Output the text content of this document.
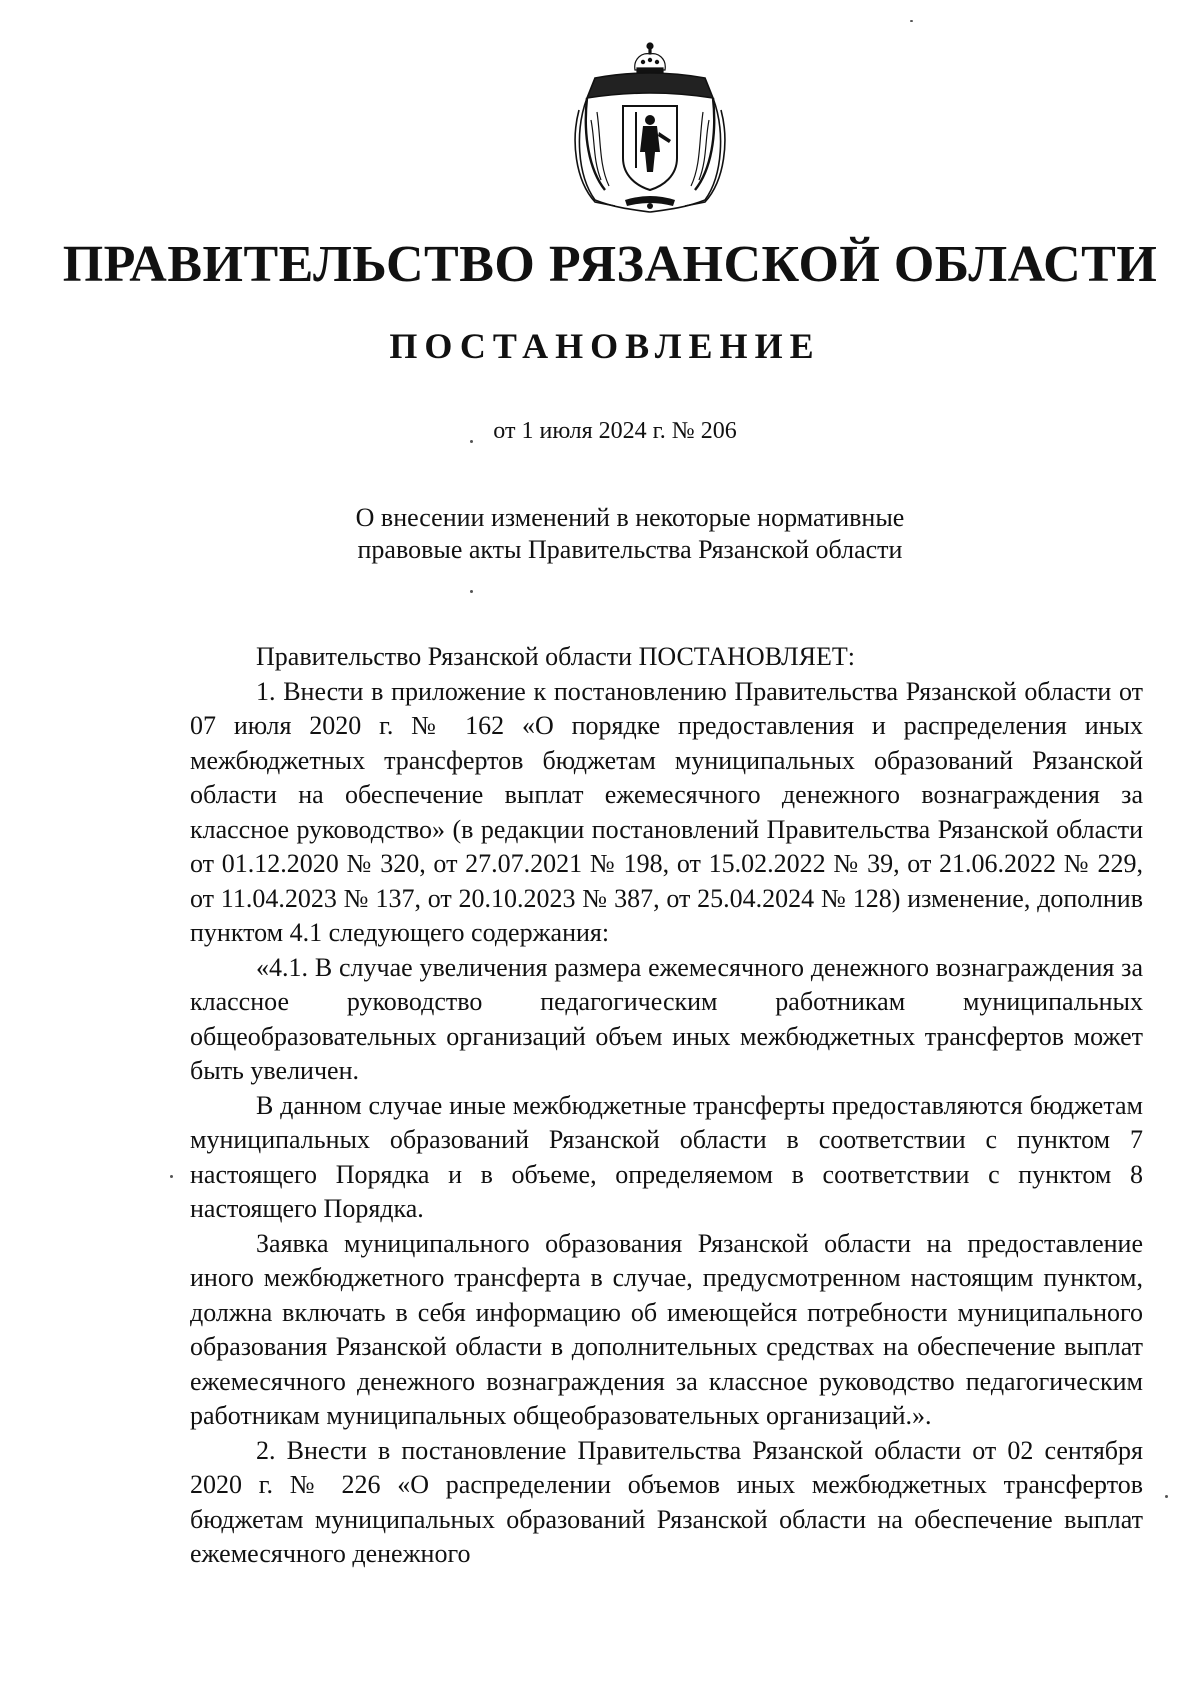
ПРАВИТЕЛЬСТВО РЯЗАНСКОЙ ОБЛАСТИ
ПОСТАНОВЛЕНИЕ
от 1 июля 2024 г. № 206
О внесении изменений в некоторые нормативные
правовые акты Правительства Рязанской области

Правительство Рязанской области ПОСТАНОВЛЯЕТ:

1. Внести в приложение к постановлению Правительства Рязанской области от 07 июля 2020 г. № 162 «О порядке предоставления и распределения иных межбюджетных трансфертов бюджетам муниципальных образований Рязанской области на обеспечение выплат ежемесячного денежного вознаграждения за классное руководство» (в редакции постановлений Правительства Рязанской области от 01.12.2020 № 320, от 27.07.2021 № 198, от 15.02.2022 № 39, от 21.06.2022 № 229, от 11.04.2023 № 137, от 20.10.2023 № 387, от 25.04.2024 № 128) изменение, дополнив пунктом 4.1 следующего содержания:

«4.1. В случае увеличения размера ежемесячного денежного вознаграждения за классное руководство педагогическим работникам муниципальных общеобразовательных организаций объем иных межбюджетных трансфертов может быть увеличен.

В данном случае иные межбюджетные трансферты предоставляются бюджетам муниципальных образований Рязанской области в соответствии с пунктом 7 настоящего Порядка и в объеме, определяемом в соответствии с пунктом 8 настоящего Порядка.

Заявка муниципального образования Рязанской области на предоставление иного межбюджетного трансферта в случае, предусмотренном настоящим пунктом, должна включать в себя информацию об имеющейся потребности муниципального образования Рязанской области в дополнительных средствах на обеспечение выплат ежемесячного денежного вознаграждения за классное руководство педагогическим работникам муниципальных общеобразовательных организаций.».

2. Внести в постановление Правительства Рязанской области от 02 сентября 2020 г. № 226 «О распределении объемов иных межбюджетных трансфертов бюджетам муниципальных образований Рязанской области на обеспечение выплат ежемесячного денежного
